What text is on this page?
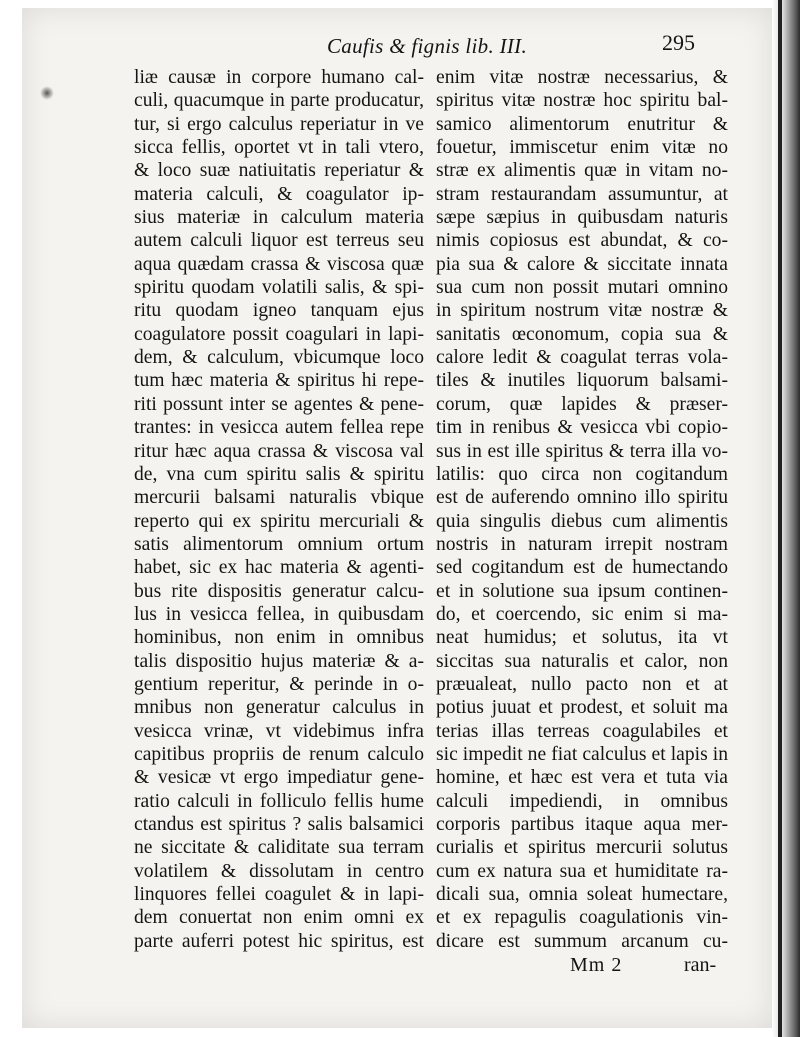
Caufis & fignis lib. III.	295
liæ causæ in corpore humano cal-
culi, quacumque in parte producatur,
tur, si ergo calculus reperiatur in ve
sicca fellis, oportet vt in tali vtero,
& loco suæ natiuitatis reperiatur &
materia calculi, & coagulator ip-
sius materiæ in calculum materia
autem calculi liquor est terreus seu
aqua quædam crassa & viscosa quæ
spiritu quodam volatili salis, & spi-
ritu quodam igneo tanquam ejus
coagulatore possit coagulari in lapi-
dem, & calculum, vbicumque loco
tum hæc materia & spiritus hi repe-
riti possunt inter se agentes & pene-
trantes: in vesicca autem fellea repe
ritur hæc aqua crassa & viscosa val
de, vna cum spiritu salis & spiritu
mercurii balsami naturalis vbique
reperto qui ex spiritu mercuriali &
satis alimentorum omnium ortum
habet, sic ex hac materia & agenti-
bus rite dispositis generatur calcu-
lus in vesicca fellea, in quibusdam
hominibus, non enim in omnibus
talis dispositio hujus materiæ & a-
gentium reperitur, & perinde in o-
mnibus non generatur calculus in
vesicca vrinæ, vt videbimus infra
capitibus propriis de renum calculo
& vesicæ vt ergo impediatur gene-
ratio calculi in folliculo fellis hume
ctandus est spiritus ? salis balsamici
ne siccitate & caliditate sua terram
volatilem & dissolutam in centro
linquores fellei coagulet & in lapi-
dem conuertat non enim omni ex
parte auferri potest hic spiritus, est
enim vitæ nostræ necessarius, &
spiritus vitæ nostræ hoc spiritu bal-
samico alimentorum enutritur &
fouetur, immiscetur enim vitæ no
stræ ex alimentis quæ in vitam no-
stram restaurandam assumuntur, at
sæpe sæpius in quibusdam naturis
nimis copiosus est abundat, & co-
pia sua & calore & siccitate innata
sua cum non possit mutari omnino
in spiritum nostrum vitæ nostræ &
sanitatis œconomum, copia sua &
calore ledit & coagulat terras vola-
tiles & inutiles liquorum balsami-
corum, quæ lapides & præser-
tim in renibus & vesicca vbi copio-
sus in est ille spiritus & terra illa vo-
latilis: quo circa non cogitandum
est de auferendo omnino illo spiritu
quia singulis diebus cum alimentis
nostris in naturam irrepit nostram
sed cogitandum est de humectando
et in solutione sua ipsum continen-
do, et coercendo, sic enim si ma-
neat humidus; et solutus, ita vt
siccitas sua naturalis et calor, non
præualeat, nullo pacto non et at
potius juuat et prodest, et soluit ma
terias illas terreas coagulabiles et
sic impedit ne fiat calculus et lapis in
homine, et hæc est vera et tuta via
calculi impediendi, in omnibus
corporis partibus itaque aqua mer-
curialis et spiritus mercurii solutus
cum ex natura sua et humiditate ra-
dicali sua, omnia soleat humectare,
et ex repagulis coagulationis vin-
dicare est summum arcanum cu-
Mm 2	ran-
